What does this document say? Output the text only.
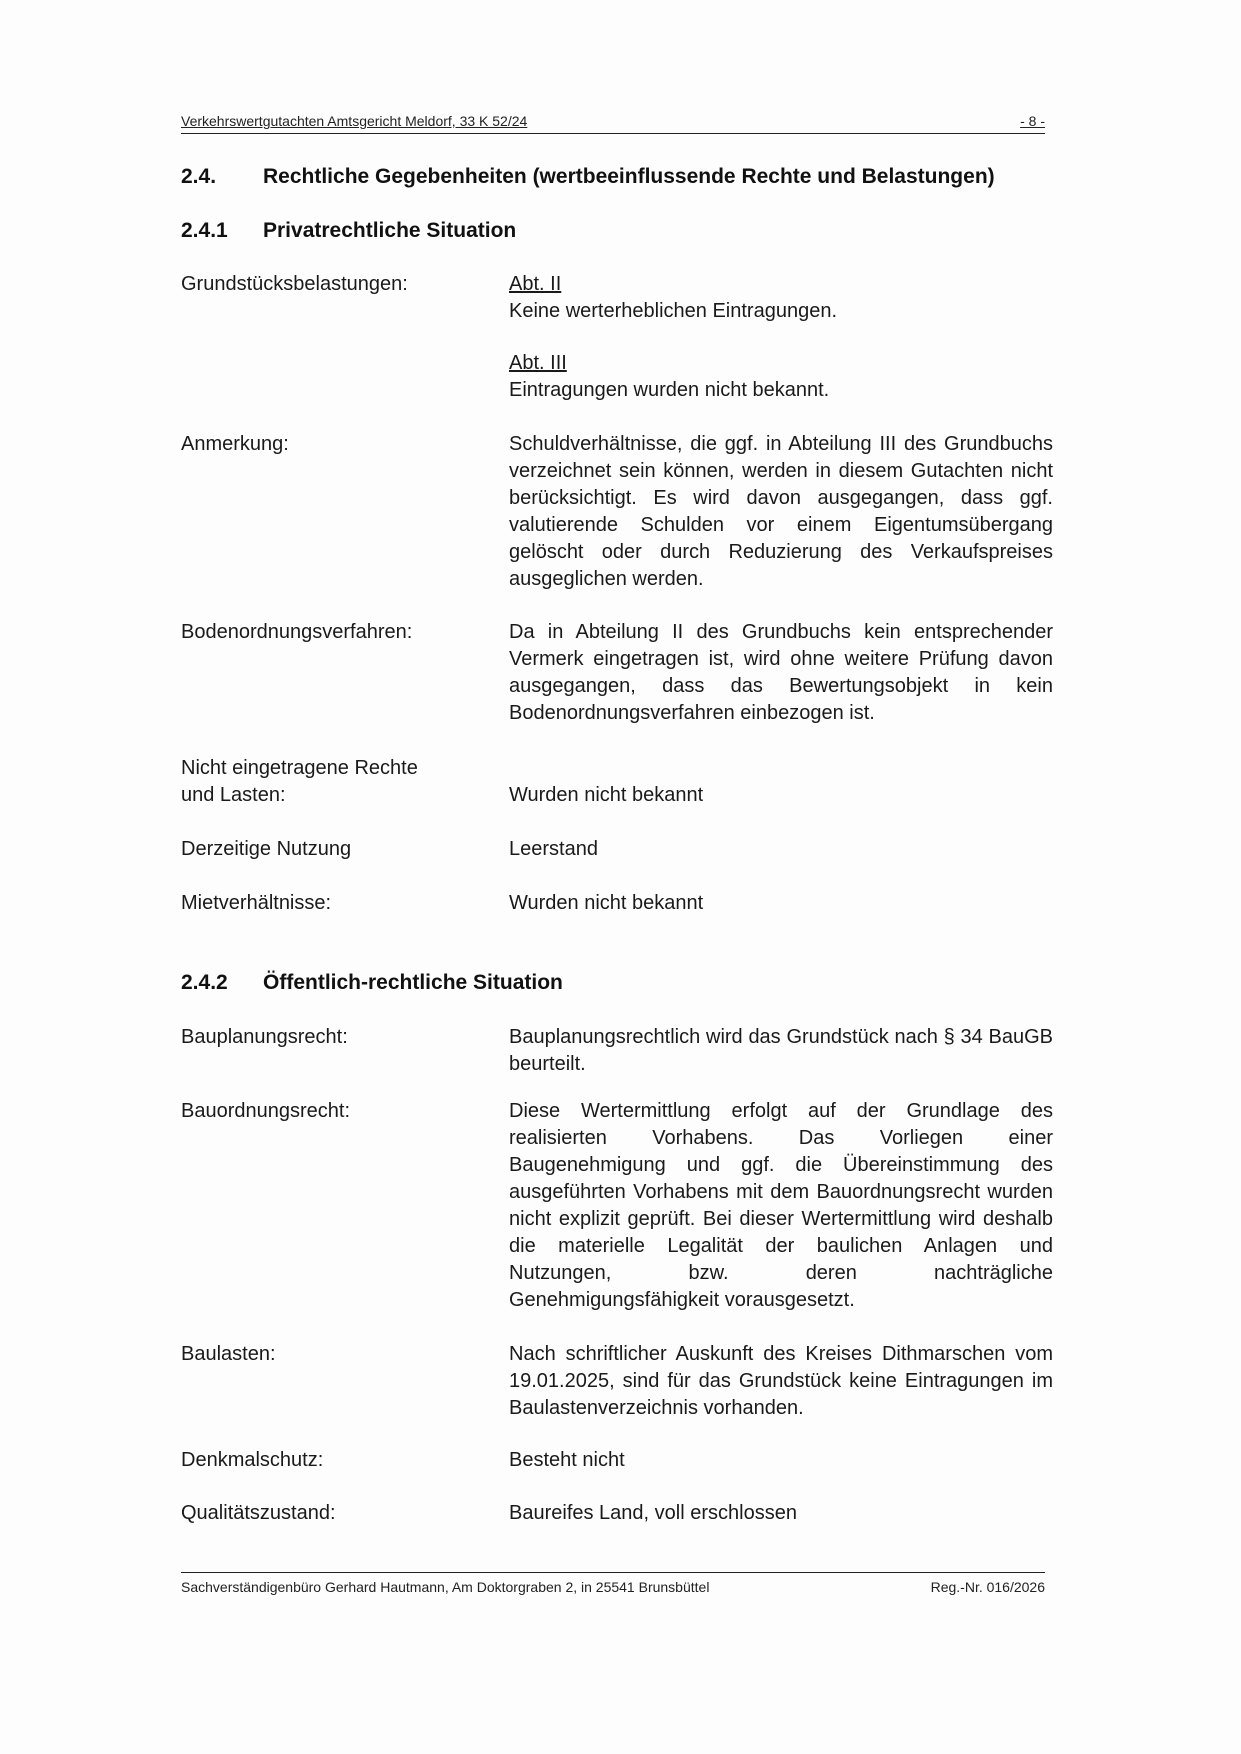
Verkehrswertgutachten Amtsgericht Meldorf, 33 K 52/24	- 8 -
2.4. Rechtliche Gegebenheiten (wertbeeinflussende Rechte und Belastungen)
2.4.1 Privatrechtliche Situation
Grundstücksbelastungen:	Abt. II
Keine werterheblichen Eintragungen.
Abt. III
Eintragungen wurden nicht bekannt.
Anmerkung:	Schuldverhältnisse, die ggf. in Abteilung III des Grundbuchs verzeichnet sein können, werden in diesem Gutachten nicht berücksichtigt. Es wird davon ausgegangen, dass ggf. valutierende Schulden vor einem Eigentumsübergang gelöscht oder durch Reduzierung des Verkaufspreises ausgeglichen werden.
Bodenordnungsverfahren:	Da in Abteilung II des Grundbuchs kein entsprechender Vermerk eingetragen ist, wird ohne weitere Prüfung davon ausgegangen, dass das Bewertungsobjekt in kein Bodenordnungsverfahren einbezogen ist.
Nicht eingetragene Rechte
und Lasten:	Wurden nicht bekannt
Derzeitige Nutzung	Leerstand
Mietverhältnisse:	Wurden nicht bekannt
2.4.2 Öffentlich-rechtliche Situation
Bauplanungsrecht:	Bauplanungsrechtlich wird das Grundstück nach § 34 BauGB beurteilt.
Bauordnungsrecht:	Diese Wertermittlung erfolgt auf der Grundlage des realisierten Vorhabens. Das Vorliegen einer Baugenehmigung und ggf. die Übereinstimmung des ausgeführten Vorhabens mit dem Bauordnungsrecht wurden nicht explizit geprüft. Bei dieser Wertermittlung wird deshalb die materielle Legalität der baulichen Anlagen und Nutzungen, bzw. deren nachträgliche Genehmigungsfähigkeit vorausgesetzt.
Baulasten:	Nach schriftlicher Auskunft des Kreises Dithmarschen vom 19.01.2025, sind für das Grundstück keine Eintragungen im Baulastenverzeichnis vorhanden.
Denkmalschutz:	Besteht nicht
Qualitätszustand:	Baureifes Land, voll erschlossen
Sachverständigenbüro Gerhard Hautmann, Am Doktorgraben 2, in 25541 Brunsbüttel	Reg.-Nr. 016/2026
